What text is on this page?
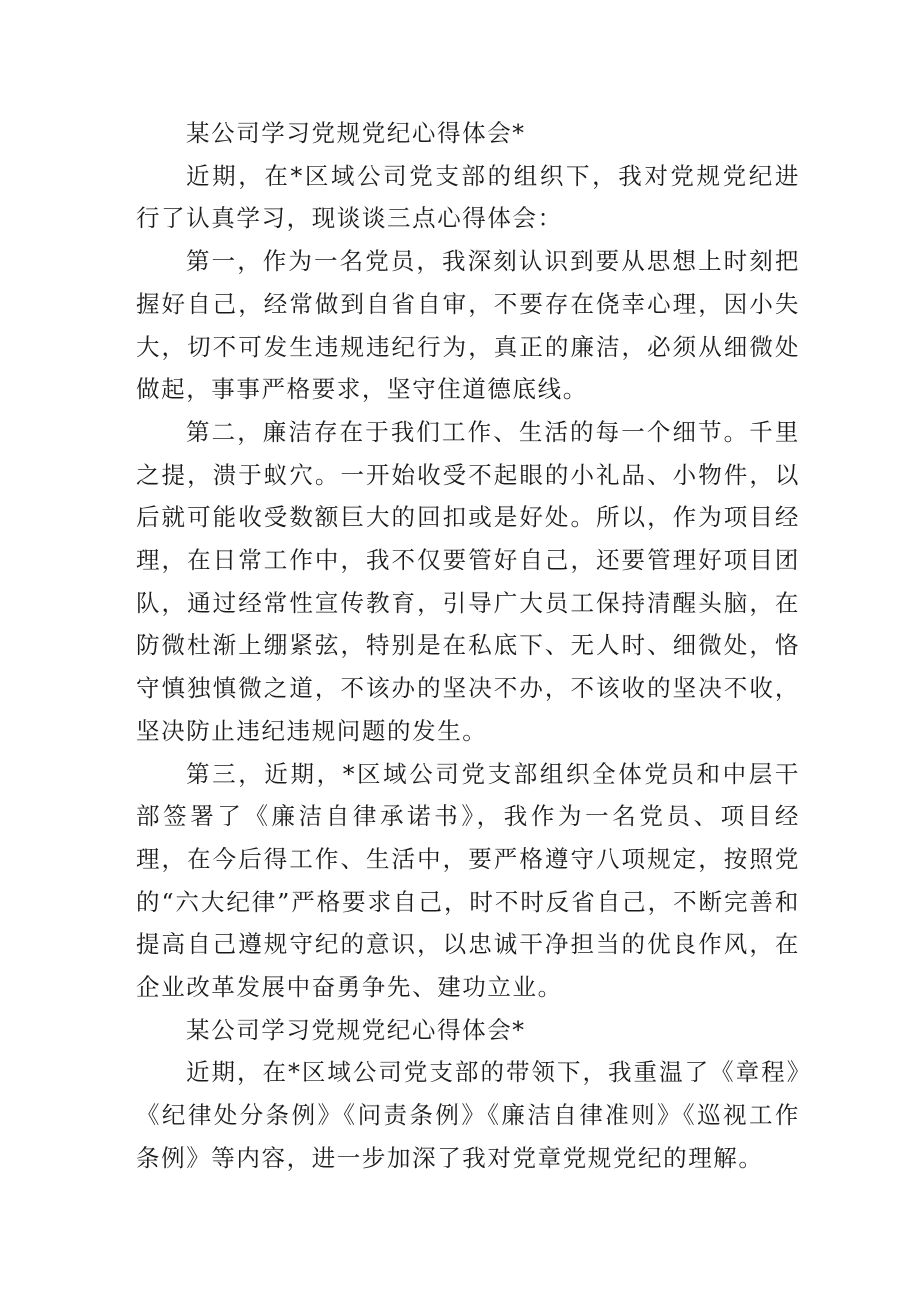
某公司学习党规党纪心得体会*

近期，在*区域公司党支部的组织下，我对党规党纪进行了认真学习，现谈谈三点心得体会：

第一，作为一名党员，我深刻认识到要从思想上时刻把握好自己，经常做到自省自审，不要存在侥幸心理，因小失大，切不可发生违规违纪行为，真正的廉洁，必须从细微处做起，事事严格要求，坚守住道德底线。

第二，廉洁存在于我们工作、生活的每一个细节。千里之提，溃于蚁穴。一开始收受不起眼的小礼品、小物件，以后就可能收受数额巨大的回扣或是好处。所以，作为项目经理，在日常工作中，我不仅要管好自己，还要管理好项目团队，通过经常性宣传教育，引导广大员工保持清醒头脑，在防微杜渐上绷紧弦，特别是在私底下、无人时、细微处，恪守慎独慎微之道，不该办的坚决不办，不该收的坚决不收，坚决防止违纪违规问题的发生。

第三，近期，*区域公司党支部组织全体党员和中层干部签署了《廉洁自律承诺书》，我作为一名党员、项目经理，在今后得工作、生活中，要严格遵守八项规定，按照党的“六大纪律”严格要求自己，时不时反省自己，不断完善和提高自己遵规守纪的意识，以忠诚干净担当的优良作风，在企业改革发展中奋勇争先、建功立业。

某公司学习党规党纪心得体会*

近期，在*区域公司党支部的带领下，我重温了《章程》《纪律处分条例》《问责条例》《廉洁自律准则》《巡视工作条例》等内容，进一步加深了我对党章党规党纪的理解。
